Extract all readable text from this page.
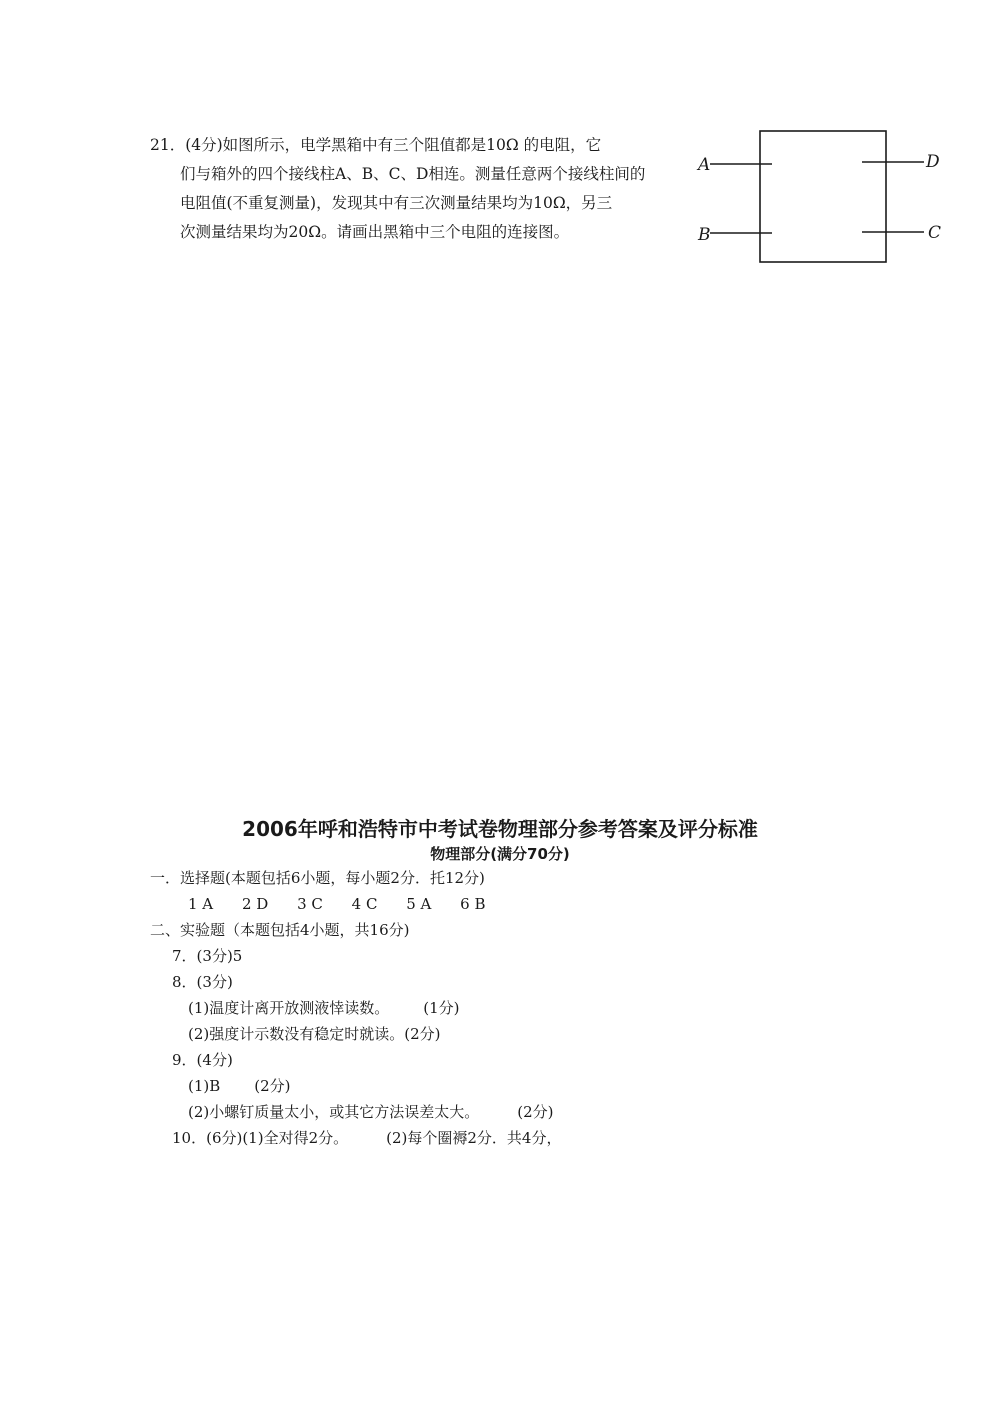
21．(4分)如图所示，电学黑箱中有三个阻值都是10Ω 的电阻，它
们与箱外的四个接线柱A、B、C、D相连。测量任意两个接线柱间的
电阻值(不重复测量)，发现其中有三次测量结果均为10Ω，另三
次测量结果均为20Ω。请画出黑箱中三个电阻的连接图。
A
B
D
C
2006年呼和浩特市中考试卷物理部分参考答案及评分标准
物理部分(满分70分)
一．选择题(本题包括6小题，每小题2分．托12分)
1 A 2 D 3 C 4 C 5 A 6 B
二、实验题（本题包括4小题，共16分)
7．(3分)5
8．(3分)
(1)温度计离开放测液悻读数。 (1分)
(2)强度计示数没有稳定时就读。(2分)
9．(4分)
(1)B (2分)
(2)小螺钉质量太小，或其它方法误差太大。	(2分)
10．(6分)(1)全对得2分。	(2)每个圈褥2分．共4分，
